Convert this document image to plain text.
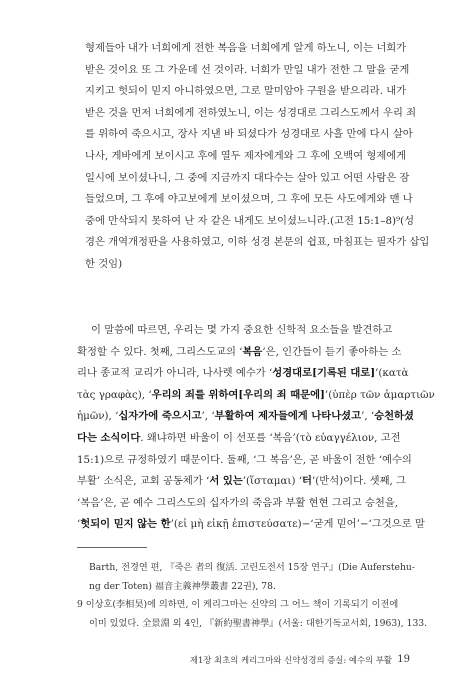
형제들아 내가 너희에게 전한 복음을 너희에게 알게 하노니, 이는 너희가
받은 것이요 또 그 가운데 선 것이라. 너희가 만일 내가 전한 그 말을 굳게
지키고 헛되이 믿지 아니하였으면, 그로 말미암아 구원을 받으리라. 내가
받은 것을 먼저 너희에게 전하였노니, 이는 성경대로 그리스도께서 우리 죄
를 위하여 죽으시고, 장사 지낸 바 되셨다가 성경대로 사흘 만에 다시 살아
나사, 게바에게 보이시고 후에 열두 제자에게와 그 후에 오백여 형제에게
일시에 보이셨나니, 그 중에 지금까지 대다수는 살아 있고 어떤 사람은 잠
들었으며, 그 후에 야고보에게 보이셨으며, 그 후에 모든 사도에게와 맨 나
중에 만삭되지 못하여 난 자 같은 내게도 보이셨느니라.(고전 15:1–8)⁹(성
경은 개역개정판을 사용하였고, 이하 성경 본문의 쉽표, 마침표는 필자가 삽입
한 것임)
이 말씀에 따르면, 우리는 몇 가지 중요한 신학적 요소들을 발견하고
확정할 수 있다. 첫째, 그리스도교의 ‘복음’은, 인간들이 듣기 좋아하는 소
리나 종교적 교리가 아니라, 나사렛 예수가 ‘성경대로[기록된 대로]’(κατὰ
τὰς γραφὰς), ‘우리의 죄를 위하여[우리의 죄 때문에]’(ὑπὲρ τῶν ἁμαρτιῶν
ἡμῶν), ‘십자가에 죽으시고’, ‘부활하여 제자들에게 나타나셨고’, ‘승천하셨
다는 소식이다. 왜냐하면 바울이 이 선포를 ‘복음’(τὸ εὐαγγέλιον, 고전
15:1)으로 규정하였기 때문이다. 둘째, ‘그 복음’은, 곧 바울이 전한 ‘예수의
부활’ 소식은, 교회 공동체가 ‘서 있는’(ἵσταμαι) ‘터’(반석)이다. 셋째, 그
‘복음’은, 곧 예수 그리스도의 십자가의 죽음과 부활 현현 그리고 승천을,
‘헛되이 믿지 않는 한’(εἰ μὴ εἰκῇ ἐπιστεύσατε)−‘굳게 믿어’−‘그것으로 말
Barth, 전경연 편, 『죽은 者의 復活. 고린도전서 15장 연구』(Die Auferstehu-
ng der Toten) 福音主義神學叢書 22권), 78.
9 이상호(李相昊)에 의하면, 이 케리그마는 신약의 그 어느 책이 기록되기 이전에
이미 있었다. 全景淵 외 4인, 『新約聖書神學』(서울: 대한기독교서회, 1963), 133.
제1장 최초의 케리그마와 신약성경의 증실: 예수의 부활 19
